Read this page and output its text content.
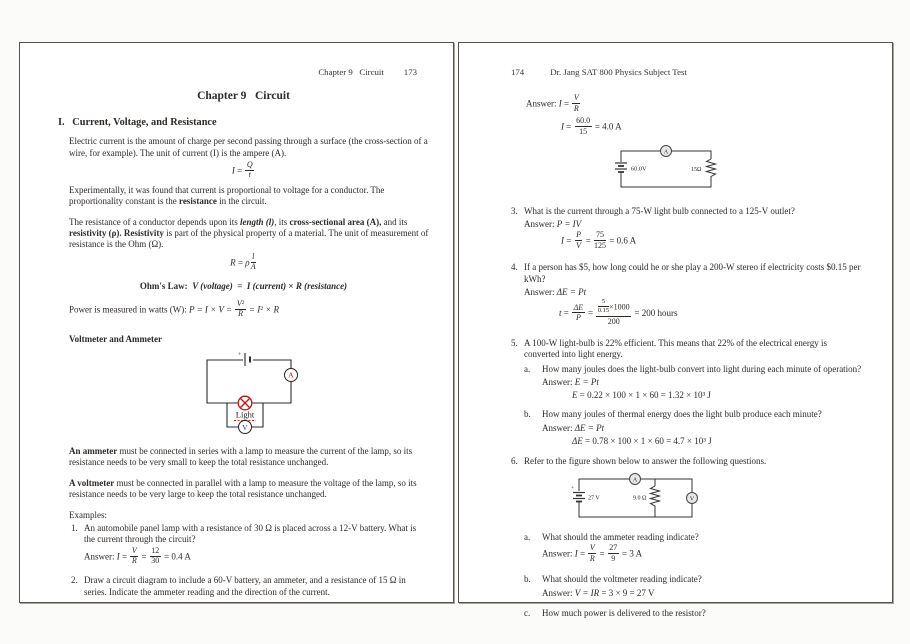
Chapter 9   Circuit 173
Chapter 9   Circuit
I.   Current, Voltage, and Resistance

Electric current is the amount of charge per second passing through a surface (the cross-section of a wire, for example). The unit of current (I) is the ampere (A).

$I = \frac{Q}{t}$

Experimentally, it was found that current is proportional to voltage for a conductor. The proportionality constant is the resistance in the circuit.

The resistance of a conductor depends upon its length (l), its cross-sectional area (A), and its resistivity (ρ). Resistivity is part of the physical property of a material. The unit of measurement of resistance is the Ohm (Ω).

R = ρ $\frac{l}{A}$
Ohm's Law:  V (voltage)  =  I (current) × R (resistance)

Power is measured in watts (W): $P = I \times V = \frac{\text{V²}}{R} = I^2 \times R$

Voltmeter and Ammeter
+
A
Light
V

An ammeter must be connected in series with a lamp to measure the current of the lamp, so its resistance needs to be very small to keep the total resistance unchanged.

A voltmeter must be connected in parallel with a lamp to measure the voltage of the lamp, so its resistance needs to be very large to keep the total resistance unchanged.

Examples:
1. An automobile panel lamp with a resistance of 30 Ω is placed across a 12-V battery. What is the current through the circuit?
Answer: $I = \frac{V}{R} = \frac{12}{30} = 0.4$ A
2. Draw a circuit diagram to include a 60-V battery, an ammeter, and a resistance of 15 Ω in series. Indicate the ammeter reading and the direction of the current.
174	Dr. Jang SAT 800 Physics Subject Test
Answer: $I = \frac{V}{R}$
$I = \frac{60.0}{15} = 4.0$ A
60.0V
A
15Ω
3. What is the current through a 75-W light bulb connected to a 125-V outlet?
Answer: P = IV
$I = \frac{P}{V} = \frac{75}{125} = 0.6$ A
4. If a person has $5, how long could he or she play a 200-W stereo if electricity costs $0.15 per kWh?
Answer: ΔE = Pt
$t = \frac{\Delta E}{P} = \frac{\frac{5}{0.15} \times 1000}{200} = 200$ hours
5. A 100-W light-bulb is 22% efficient. This means that 22% of the electrical energy is converted into light energy.
a.	How many joules does the light-bulb convert into light during each minute of operation?
Answer: E = Pt
E = 0.22 × 100 × 1 × 60 = 1.32 × 10³ J
b.	How many joules of thermal energy does the light bulb produce each minute?
Answer: ΔE = Pt
ΔE = 0.78 × 100 × 1 × 60 = 4.7 × 10³ J
6. Refer to the figure shown below to answer the following questions.
+
27 V
A
9.0 Ω	V
a.	What should the ammeter reading indicate?
Answer: $I = \frac{V}{R} = \frac{27}{9} = 3$ A
b.	What should the voltmeter reading indicate?
Answer: V = IR = 3 × 9 = 27 V
c.	How much power is delivered to the resistor?
